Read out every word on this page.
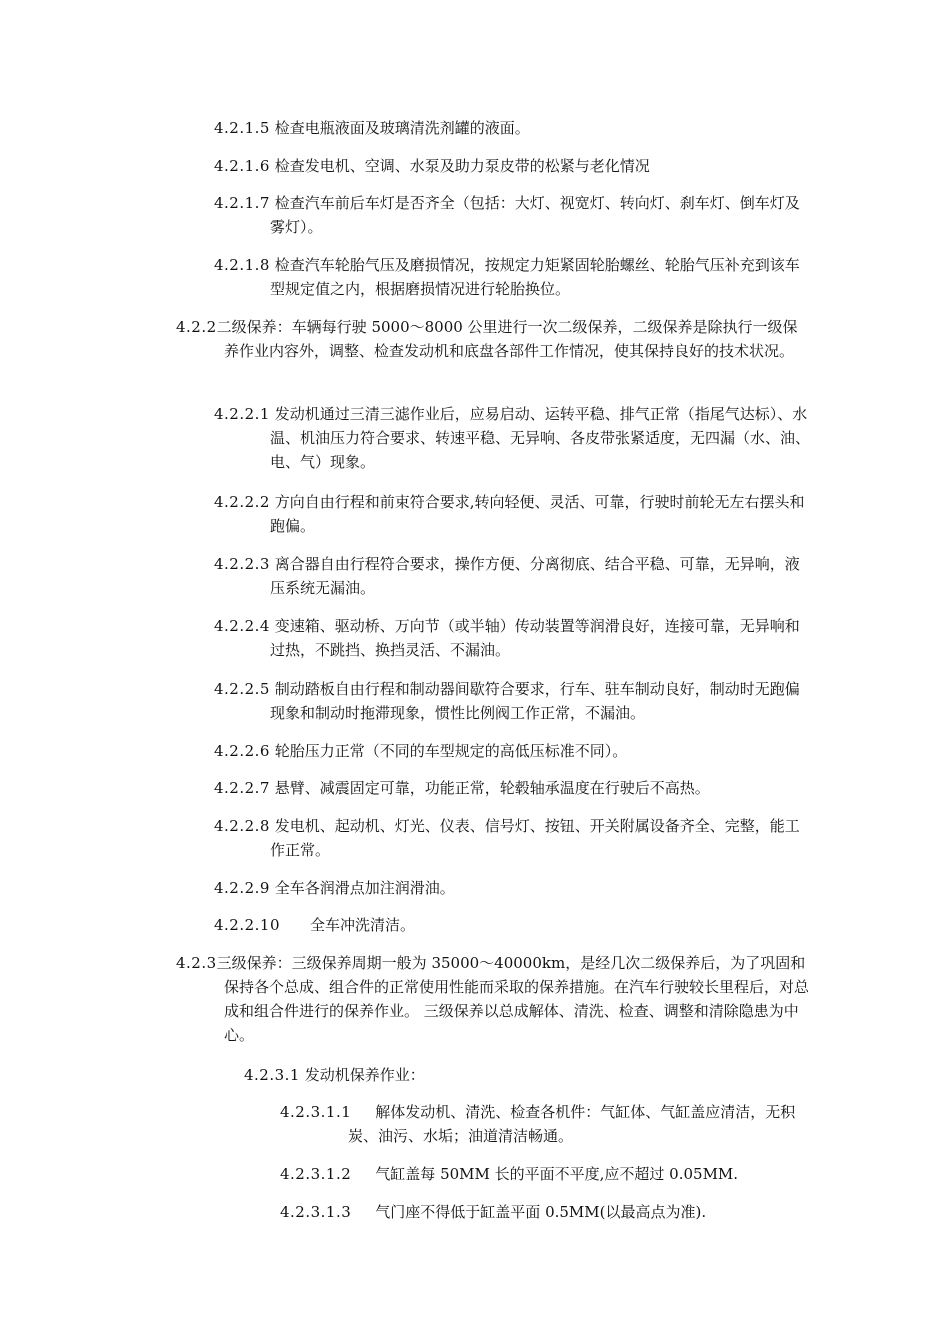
4.2.1.5 检查电瓶液面及玻璃清洗剂罐的液面。

4.2.1.6 检查发电机、空调、水泵及助力泵皮带的松紧与老化情况

4.2.1.7 检查汽车前后车灯是否齐全（包括：大灯、视宽灯、转向灯、刹车灯、倒车灯及雾灯）。

4.2.1.8 检查汽车轮胎气压及磨损情况，按规定力矩紧固轮胎螺丝、轮胎气压补充到该车型规定值之内，根据磨损情况进行轮胎换位。

4.2.2二级保养：车辆每行驶 5000～8000 公里进行一次二级保养，二级保养是除执行一级保养作业内容外，调整、检查发动机和底盘各部件工作情况，使其保持良好的技术状况。

4.2.2.1 发动机通过三清三滤作业后，应易启动、运转平稳、排气正常（指尾气达标）、水温、机油压力符合要求、转速平稳、无异响、各皮带张紧适度，无四漏（水、油、电、气）现象。

4.2.2.2 方向自由行程和前束符合要求,转向轻便、灵活、可靠，行驶时前轮无左右摆头和跑偏。

4.2.2.3 离合器自由行程符合要求，操作方便、分离彻底、结合平稳、可靠，无异响，液压系统无漏油。

4.2.2.4 变速箱、驱动桥、万向节（或半轴）传动装置等润滑良好，连接可靠，无异响和过热，不跳挡、换挡灵活、不漏油。

4.2.2.5 制动踏板自由行程和制动器间歇符合要求，行车、驻车制动良好，制动时无跑偏现象和制动时拖滞现象，惯性比例阀工作正常，不漏油。

4.2.2.6 轮胎压力正常（不同的车型规定的高低压标准不同）。

4.2.2.7 悬臂、减震固定可靠，功能正常，轮毂轴承温度在行驶后不高热。

4.2.2.8 发电机、起动机、灯光、仪表、信号灯、按钮、开关附属设备齐全、完整，能工作正常。

4.2.2.9 全车各润滑点加注润滑油。

4.2.2.10 全车冲洗清洁。

4.2.3三级保养：三级保养周期一般为 35000～40000km，是经几次二级保养后，为了巩固和保持各个总成、组合件的正常使用性能而采取的保养措施。在汽车行驶较长里程后，对总成和组合件进行的保养作业。 三级保养以总成解体、清洗、检查、调整和清除隐患为中心。

4.2.3.1 发动机保养作业：

4.2.3.1.1 解体发动机、清洗、检查各机件：气缸体、气缸盖应清洁，无积炭、油污、水垢；油道清洁畅通。

4.2.3.1.2 气缸盖每 50MM 长的平面不平度,应不超过 0.05MM.

4.2.3.1.3 气门座不得低于缸盖平面 0.5MM(以最高点为准).
